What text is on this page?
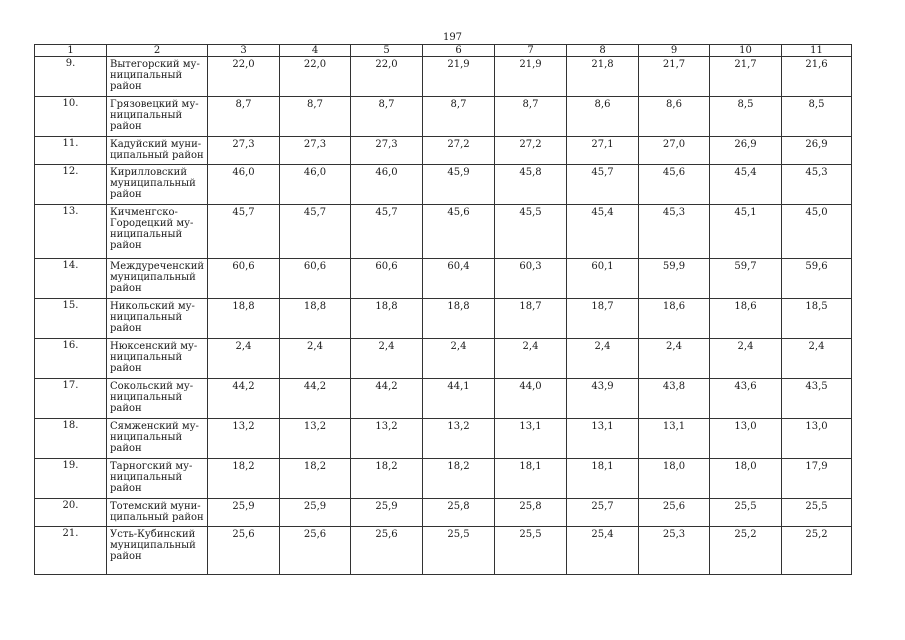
197
1	2	3	4	5	6	7	8	9	10	11
9.	Вытегорский му-
ниципальный
район	22,0	22,0	22,0	21,9	21,9	21,8	21,7	21,7	21,6
10.	Грязовецкий му-
ниципальный
район	8,7	8,7	8,7	8,7	8,7	8,6	8,6	8,5	8,5
11.	Кадуйский муни-
ципальный район	27,3	27,3	27,3	27,2	27,2	27,1	27,0	26,9	26,9
12.	Кирилловский
муниципальный
район	46,0	46,0	46,0	45,9	45,8	45,7	45,6	45,4	45,3
13.	Кичменгско-
Городецкий му-
ниципальный
район	45,7	45,7	45,7	45,6	45,5	45,4	45,3	45,1	45,0
14.	Междуреченский
муниципальный
район	60,6	60,6	60,6	60,4	60,3	60,1	59,9	59,7	59,6
15.	Никольский му-
ниципальный
район	18,8	18,8	18,8	18,8	18,7	18,7	18,6	18,6	18,5
16.	Нюксенский му-
ниципальный
район	2,4	2,4	2,4	2,4	2,4	2,4	2,4	2,4	2,4
17.	Сокольский му-
ниципальный
район	44,2	44,2	44,2	44,1	44,0	43,9	43,8	43,6	43,5
18.	Сямженский му-
ниципальный
район	13,2	13,2	13,2	13,2	13,1	13,1	13,1	13,0	13,0
19.	Тарногский му-
ниципальный
район	18,2	18,2	18,2	18,2	18,1	18,1	18,0	18,0	17,9
20.	Тотемский муни-
ципальный район	25,9	25,9	25,9	25,8	25,8	25,7	25,6	25,5	25,5
21.	Усть-Кубинский
муниципальный
район	25,6	25,6	25,6	25,5	25,5	25,4	25,3	25,2	25,2
